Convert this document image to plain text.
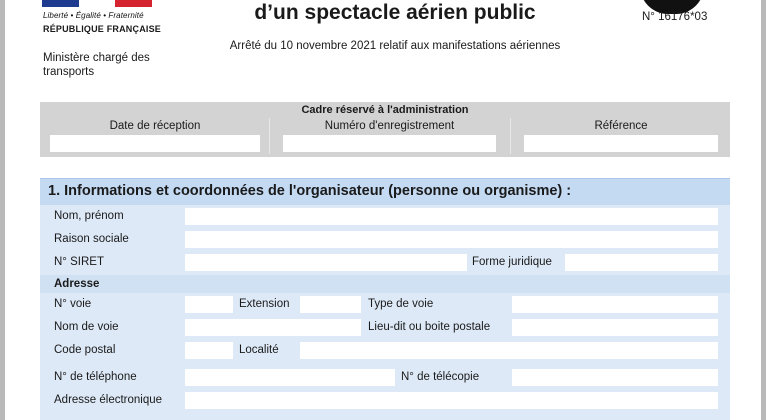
Liberté • Égalité • Fraternité
RÉPUBLIQUE FRANÇAISE
Ministère chargé des transports
d’un spectacle aérien public
Arrêté du 10 novembre 2021 relatif aux manifestations aériennes
N° 16176*03
Cadre réservé à l'administration
Date de réception	Numéro d'enregistrement	Référence
1. Informations et coordonnées de l'organisateur (personne ou organisme) :
Nom, prénom
Raison sociale
N° SIRET	Forme juridique
Adresse
N° voie	Extension	Type de voie
Nom de voie	Lieu-dit ou boite postale
Code postal	Localité
N° de téléphone	N° de télécopie
Adresse électronique
